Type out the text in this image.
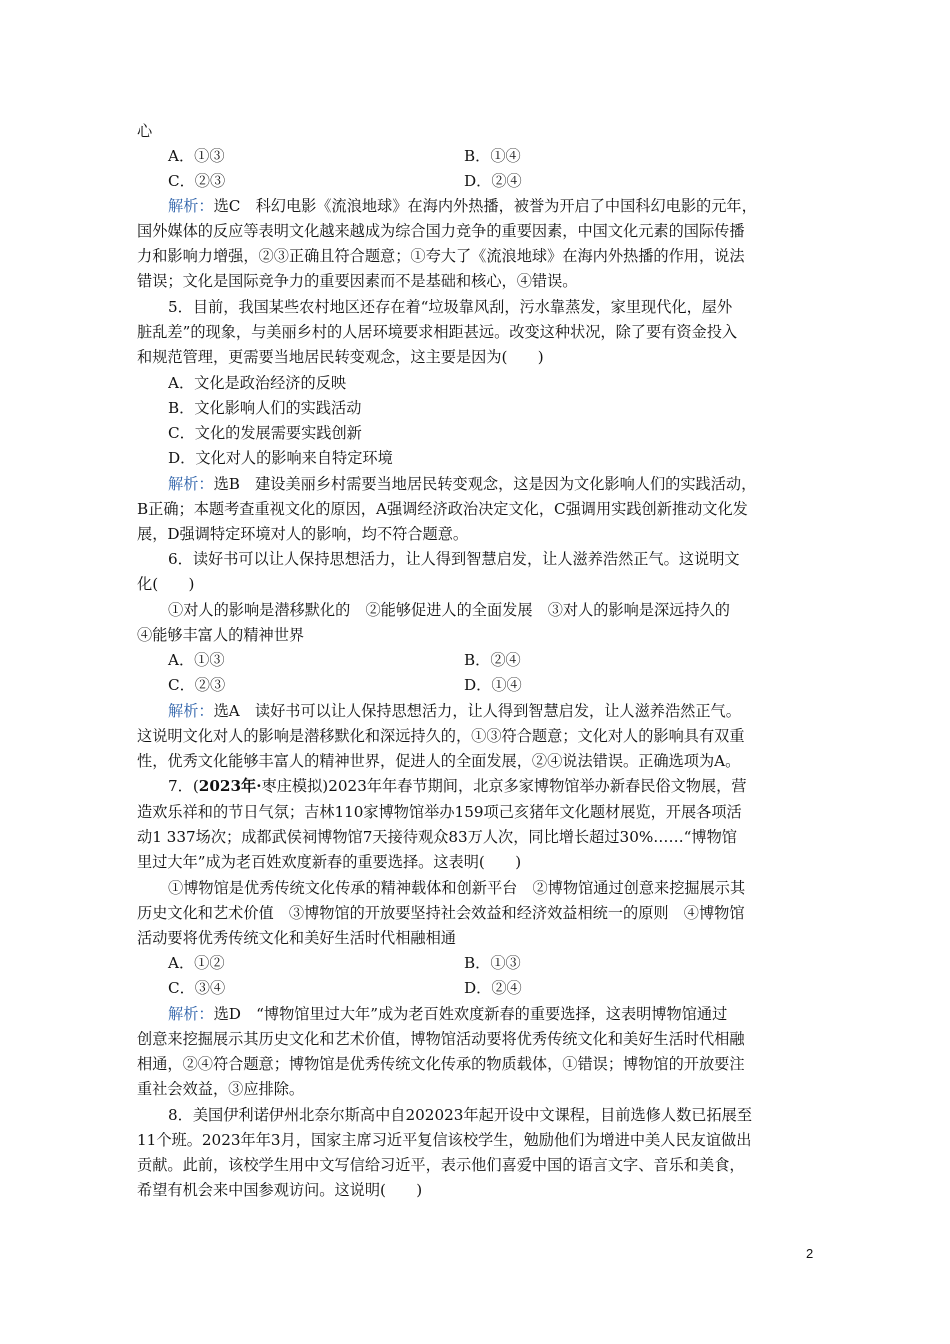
心
A．①③	B．①④
C．②③	D．②④
解析：选C　 科幻电影《流浪地球》在海内外热播，被誉为开启了中国科幻电影的元年，
国外媒体的反应等表明文化越来越成为综合国力竞争的重要因素，中国文化元素的国际传播
力和影响力增强，②③正确且符合题意；①夸大了《流浪地球》在海内外热播的作用，说法
错误；文化是国际竞争力的重要因素而不是基础和核心，④错误。
5．目前，我国某些农村地区还存在着“垃圾靠风刮，污水靠蒸发，家里现代化，屋外
脏乱差”的现象，与美丽乡村的人居环境要求相距甚远。改变这种状况，除了要有资金投入
和规范管理，更需要当地居民转变观念，这主要是因为(　　)
A．文化是政治经济的反映
B．文化影响人们的实践活动
C．文化的发展需要实践创新
D．文化对人的影响来自特定环境
解析：选B　 建设美丽乡村需要当地居民转变观念，这是因为文化影响人们的实践活动，
B正确；本题考查重视文化的原因，A强调经济政治决定文化，C强调用实践创新推动文化发
展，D强调特定环境对人的影响，均不符合题意。
6．读好书可以让人保持思想活力，让人得到智慧启发，让人滋养浩然正气。这说明文
化(　　)
①对人的影响是潜移默化的　②能够促进人的全面发展　③对人的影响是深远持久的
④能够丰富人的精神世界
A．①③	B．②④
C．②③	D．①④
解析：选A　 读好书可以让人保持思想活力，让人得到智慧启发，让人滋养浩然正气。
这说明文化对人的影响是潜移默化和深远持久的，①③符合题意；文化对人的影响具有双重
性，优秀文化能够丰富人的精神世界，促进人的全面发展，②④说法错误。正确选项为A。
7．(2023年·枣庄模拟)2023年年春节期间，北京多家博物馆举办新春民俗文物展，营
造欢乐祥和的节日气氛；吉林110家博物馆举办159项己亥猪年文化题材展览，开展各项活
动1 337场次；成都武侯祠博物馆7天接待观众83万人次，同比增长超过30%……“博物馆
里过大年”成为老百姓欢度新春的重要选择。这表明(　　)
①博物馆是优秀传统文化传承的精神载体和创新平台　②博物馆通过创意来挖掘展示其
历史文化和艺术价值　③博物馆的开放要坚持社会效益和经济效益相统一的原则　④博物馆
活动要将优秀传统文化和美好生活时代相融相通
A．①②	B．①③
C．③④	D．②④
解析：选D　 “博物馆里过大年”成为老百姓欢度新春的重要选择，这表明博物馆通过
创意来挖掘展示其历史文化和艺术价值，博物馆活动要将优秀传统文化和美好生活时代相融
相通，②④符合题意；博物馆是优秀传统文化传承的物质载体，①错误；博物馆的开放要注
重社会效益，③应排除。
8．美国伊利诺伊州北奈尔斯高中自202023年起开设中文课程，目前选修人数已拓展至
11个班。2023年年3月，国家主席习近平复信该校学生，勉励他们为增进中美人民友谊做出
贡献。此前，该校学生用中文写信给习近平，表示他们喜爱中国的语言文字、音乐和美食，
希望有机会来中国参观访问。这说明(　　)
2
